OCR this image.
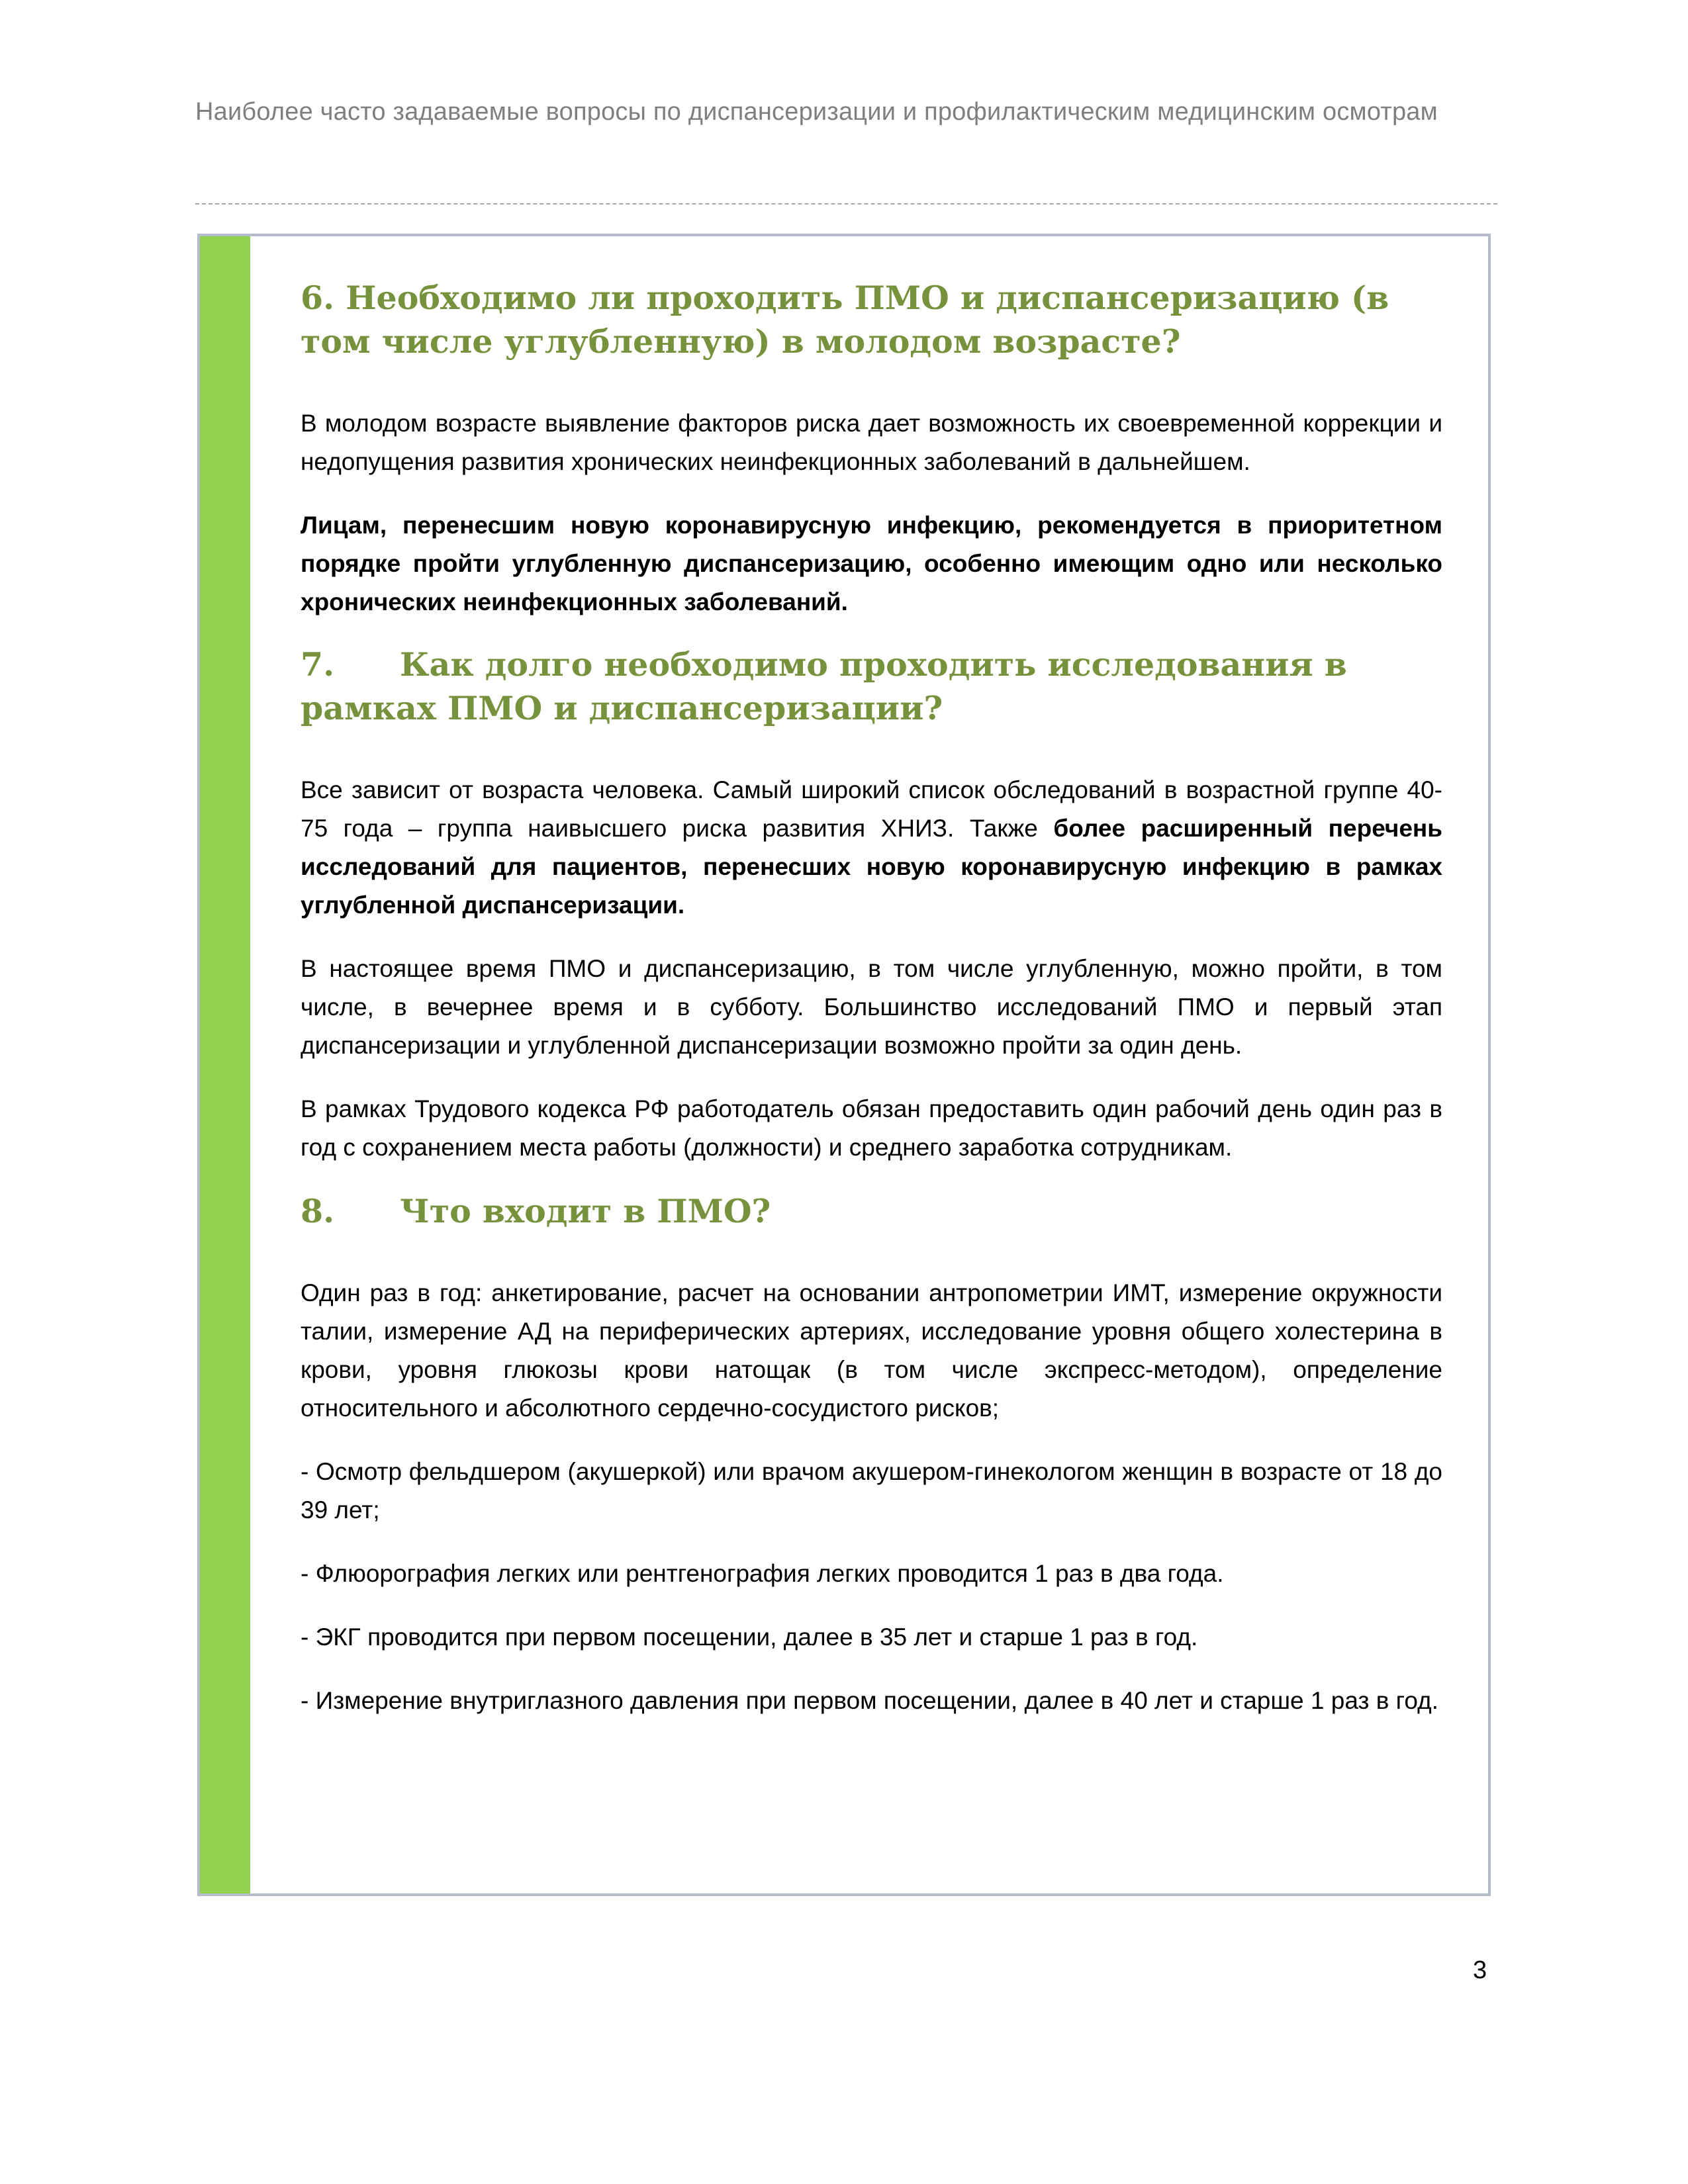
Наиболее часто задаваемые вопросы по диспансеризации и профилактическим медицинским осмотрам
6. Необходимо ли проходить ПМО и диспансеризацию (в том числе углубленную) в молодом возрасте?

В молодом возрасте выявление факторов риска дает возможность их своевременной коррекции и недопущения развития хронических неинфекционных заболеваний в дальнейшем.

Лицам, перенесшим новую коронавирусную инфекцию, рекомендуется в приоритетном порядке пройти углубленную диспансеризацию, особенно имеющим одно или несколько хронических неинфекционных заболеваний.

7. Как долго необходимо проходить исследования в рамках ПМО и диспансеризации?

Все зависит от возраста человека. Самый широкий список обследований в возрастной группе 40-75 года – группа наивысшего риска развития ХНИЗ. Также более расширенный перечень исследований для пациентов, перенесших новую коронавирусную инфекцию в рамках углубленной диспансеризации.

В настоящее время ПМО и диспансеризацию, в том числе углубленную, можно пройти, в том числе, в вечернее время и в субботу. Большинство исследований ПМО и первый этап диспансеризации и углубленной диспансеризации возможно пройти за один день.

В рамках Трудового кодекса РФ работодатель обязан предоставить один рабочий день один раз в год с сохранением места работы (должности) и среднего заработка сотрудникам.

8. Что входит в ПМО?

Один раз в год: анкетирование, расчет на основании антропометрии ИМТ, измерение окружности талии, измерение АД на периферических артериях, исследование уровня общего холестерина в крови, уровня глюкозы крови натощак (в том числе экспресс-методом), определение относительного и абсолютного сердечно-сосудистого рисков;

- Осмотр фельдшером (акушеркой) или врачом акушером-гинекологом женщин в возрасте от 18 до 39 лет;

- Флюорография легких или рентгенография легких проводится 1 раз в два года.

- ЭКГ проводится при первом посещении, далее в 35 лет и старше 1 раз в год.

- Измерение внутриглазного давления при первом посещении, далее в 40 лет и старше 1 раз в год.

3
